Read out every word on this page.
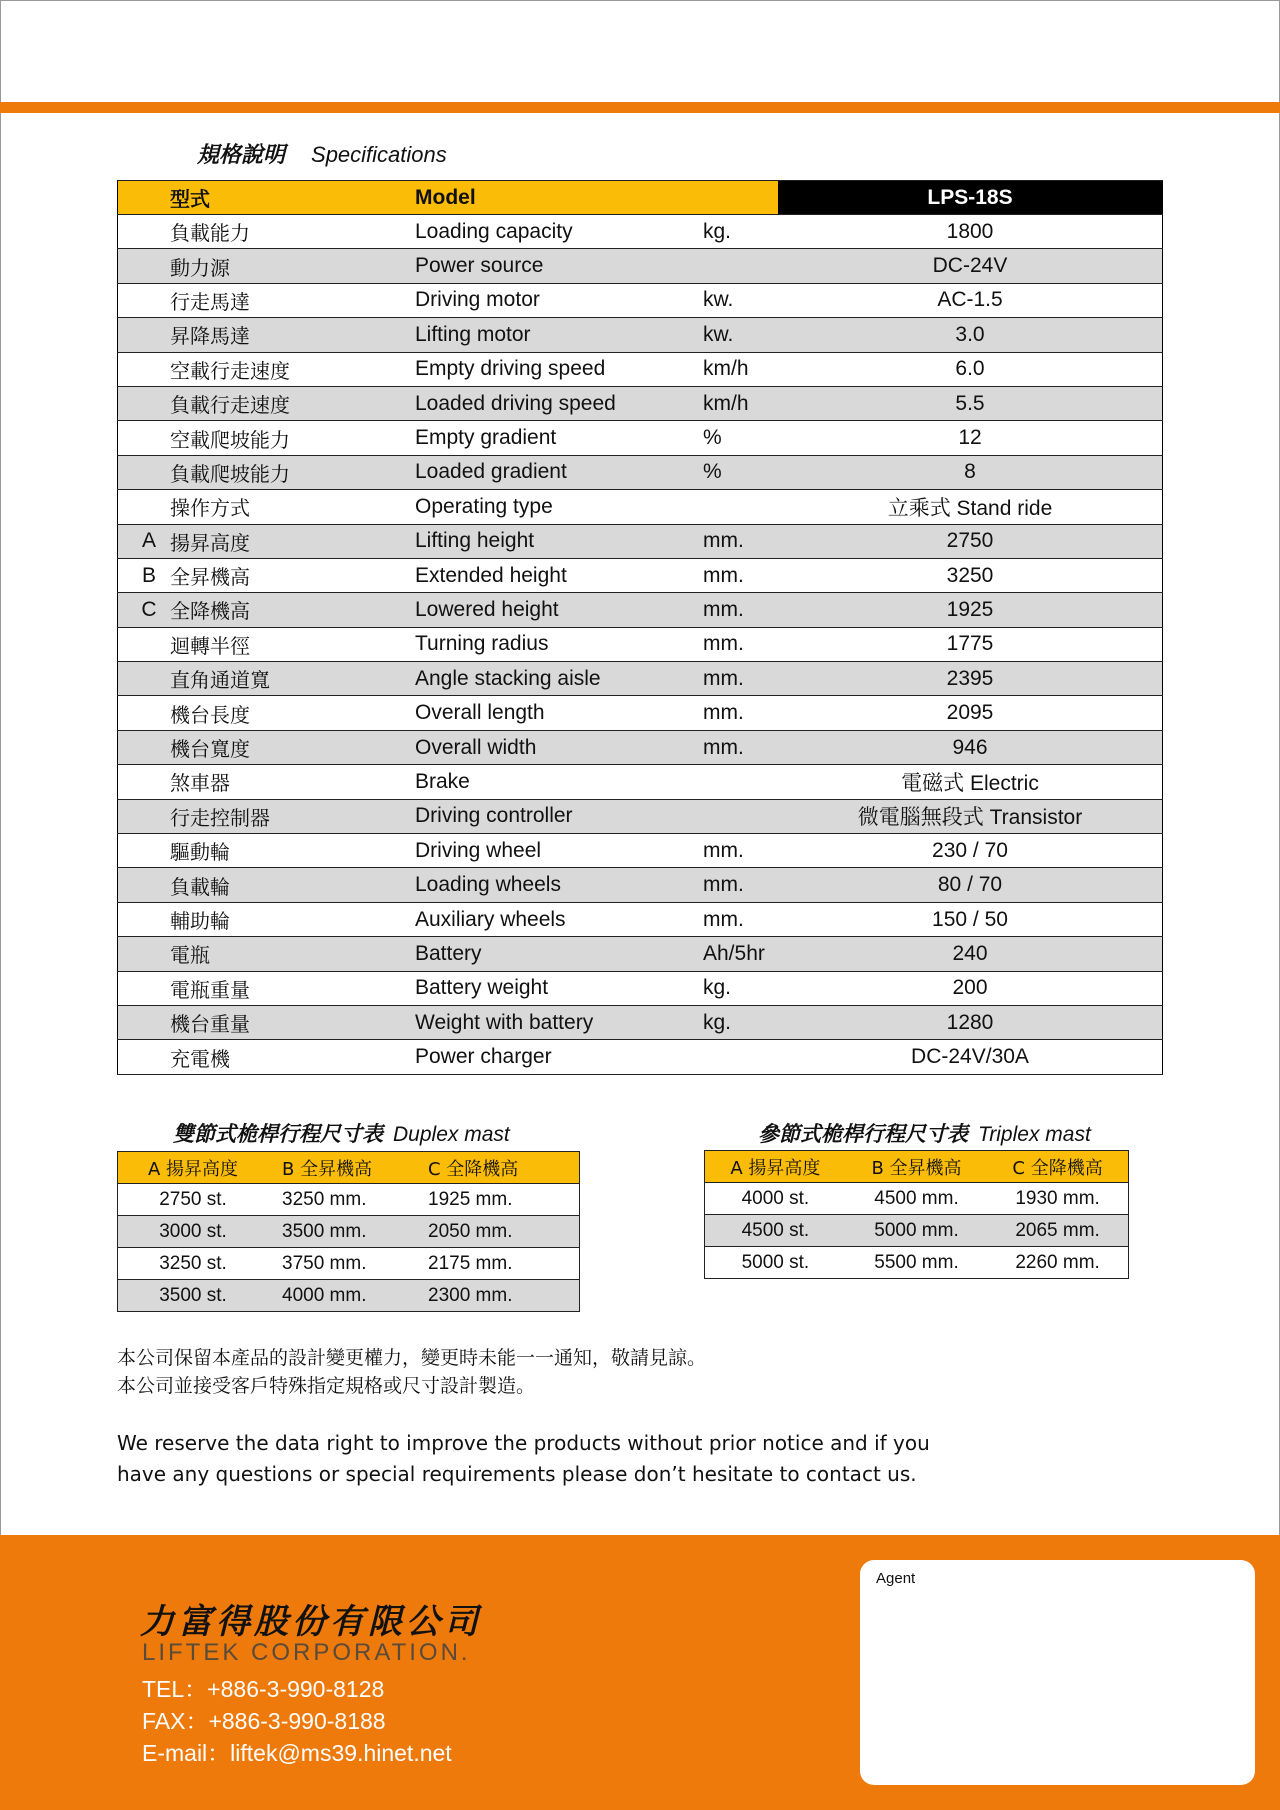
規格說明 Specifications
	型式	Model		LPS-18S
	負載能力	Loading capacity	kg.	1800
	動力源	Power source		DC-24V
	行走馬達	Driving motor	kw.	AC-1.5
	昇降馬達	Lifting motor	kw.	3.0
	空載行走速度	Empty driving speed	km/h	6.0
	負載行走速度	Loaded driving speed	km/h	5.5
	空載爬坡能力	Empty gradient	%	12
	負載爬坡能力	Loaded gradient	%	8
	操作方式	Operating type		立乘式 Stand ride
A	揚昇高度	Lifting height	mm.	2750
B	全昇機高	Extended height	mm.	3250
C	全降機高	Lowered height	mm.	1925
	迴轉半徑	Turning radius	mm.	1775
	直角通道寬	Angle stacking aisle	mm.	2395
	機台長度	Overall length	mm.	2095
	機台寬度	Overall width	mm.	946
	煞車器	Brake		電磁式 Electric
	行走控制器	Driving controller		微電腦無段式 Transistor
	驅動輪	Driving wheel	mm.	230 / 70
	負載輪	Loading wheels	mm.	80 / 70
	輔助輪	Auxiliary wheels	mm.	150 / 50
	電瓶	Battery	Ah/5hr	240
	電瓶重量	Battery weight	kg.	200
	機台重量	Weight with battery	kg.	1280
	充電機	Power charger		DC-24V/30A
雙節式桅桿行程尺寸表 Duplex mast
A 揚昇高度	B 全昇機高	C 全降機高
2750 st.	3250 mm.	1925 mm.
3000 st.	3500 mm.	2050 mm.
3250 st.	3750 mm.	2175 mm.
3500 st.	4000 mm.	2300 mm.
參節式桅桿行程尺寸表 Triplex mast
A 揚昇高度	B 全昇機高	C 全降機高
4000 st.	4500 mm.	1930 mm.
4500 st.	5000 mm.	2065 mm.
5000 st.	5500 mm.	2260 mm.
本公司保留本產品的設計變更權力，變更時未能一一通知，敬請見諒。
本公司並接受客戶特殊指定規格或尺寸設計製造。
We reserve the data right to improve the products without prior notice and if you
have any questions or special requirements please don’t hesitate to contact us.
力富得股份有限公司
LIFTEK CORPORATION.
TEL：+886-3-990-8128
FAX：+886-3-990-8188
E-mail：liftek@ms39.hinet.net
Agent
